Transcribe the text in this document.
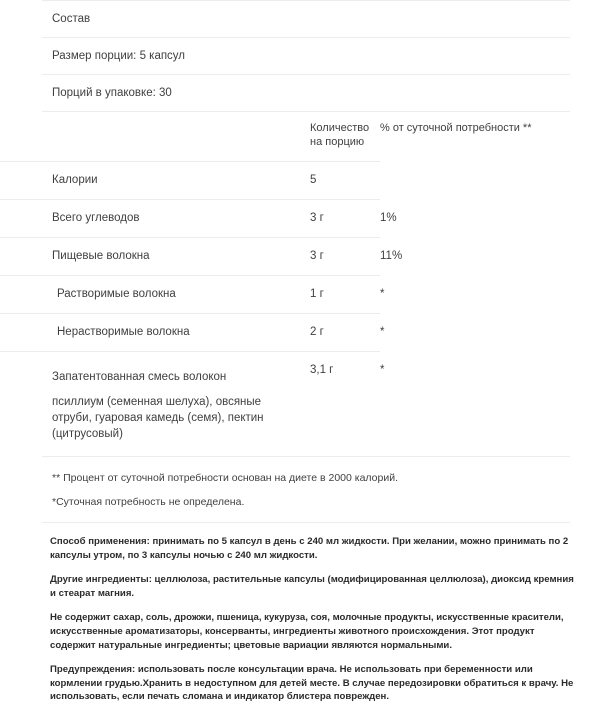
Состав
Размер порции: 5 капсул
Порций в упаковке: 30
	Количество на порцию	% от суточной потребности **
Калории	5	
Всего углеводов	3 г	1%
Пищевые волокна	3 г	11%
Растворимые волокна	1 г	*
Нерастворимые волокна	2 г	*

Запатентованная смесь волокон
псиллиум (семенная шелуха), овсяные отруби, гуаровая камедь (семя), пектин (цитрусовый)	3,1 г	*

** Процент от суточной потребности основан на диете в 2000 калорий.

*Суточная потребность не определена.

Способ применения: принимать по 5 капсул в день с 240 мл жидкости. При желании, можно принимать по 2 капсулы утром, по 3 капсулы ночью с 240 мл жидкости.

Другие ингредиенты: целлюлоза, растительные капсулы (модифицированная целлюлоза), диоксид кремния и стеарат магния.

Не содержит сахар, соль, дрожжи, пшеница, кукуруза, соя, молочные продукты, искусственные красители, искусственные ароматизаторы, консерванты, ингредиенты животного происхождения. Этот продукт содержит натуральные ингредиенты; цветовые вариации являются нормальными.

Предупреждения: использовать после консультации врача. Не использовать при беременности или кормлении грудью.Хранить в недоступном для детей месте. В случае передозировки обратиться к врачу. Не использовать, если печать сломана и индикатор блистера поврежден.
